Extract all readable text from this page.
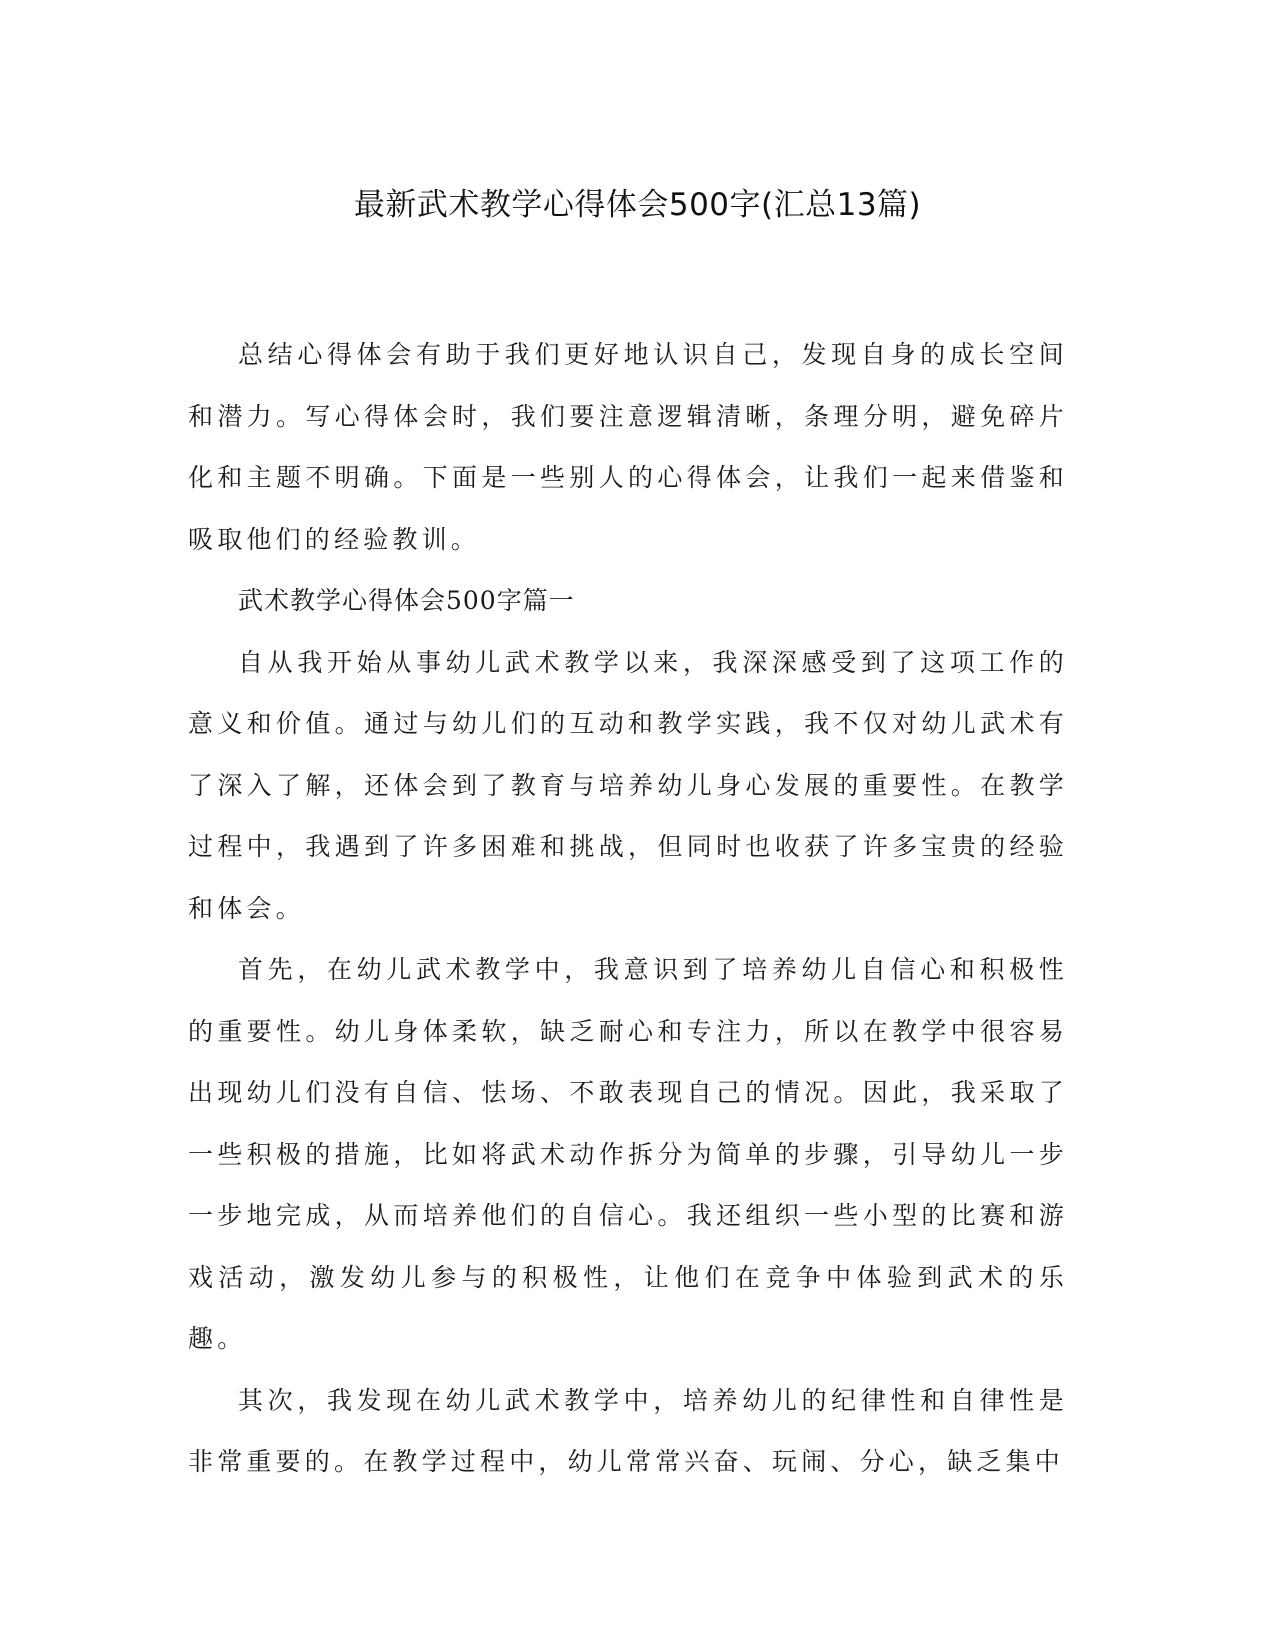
最新武术教学心得体会500字(汇总13篇)

总结心得体会有助于我们更好地认识自己，发现自身的成长空间和潜力。写心得体会时，我们要注意逻辑清晰，条理分明，避免碎片化和主题不明确。下面是一些别人的心得体会，让我们一起来借鉴和吸取他们的经验教训。

武术教学心得体会500字篇一

自从我开始从事幼儿武术教学以来，我深深感受到了这项工作的意义和价值。通过与幼儿们的互动和教学实践，我不仅对幼儿武术有了深入了解，还体会到了教育与培养幼儿身心发展的重要性。在教学过程中，我遇到了许多困难和挑战，但同时也收获了许多宝贵的经验和体会。

首先，在幼儿武术教学中，我意识到了培养幼儿自信心和积极性的重要性。幼儿身体柔软，缺乏耐心和专注力，所以在教学中很容易出现幼儿们没有自信、怯场、不敢表现自己的情况。因此，我采取了一些积极的措施，比如将武术动作拆分为简单的步骤，引导幼儿一步一步地完成，从而培养他们的自信心。我还组织一些小型的比赛和游戏活动，激发幼儿参与的积极性，让他们在竞争中体验到武术的乐趣。

其次，我发现在幼儿武术教学中，培养幼儿的纪律性和自律性是非常重要的。在教学过程中，幼儿常常兴奋、玩闹、分心，缺乏集中
